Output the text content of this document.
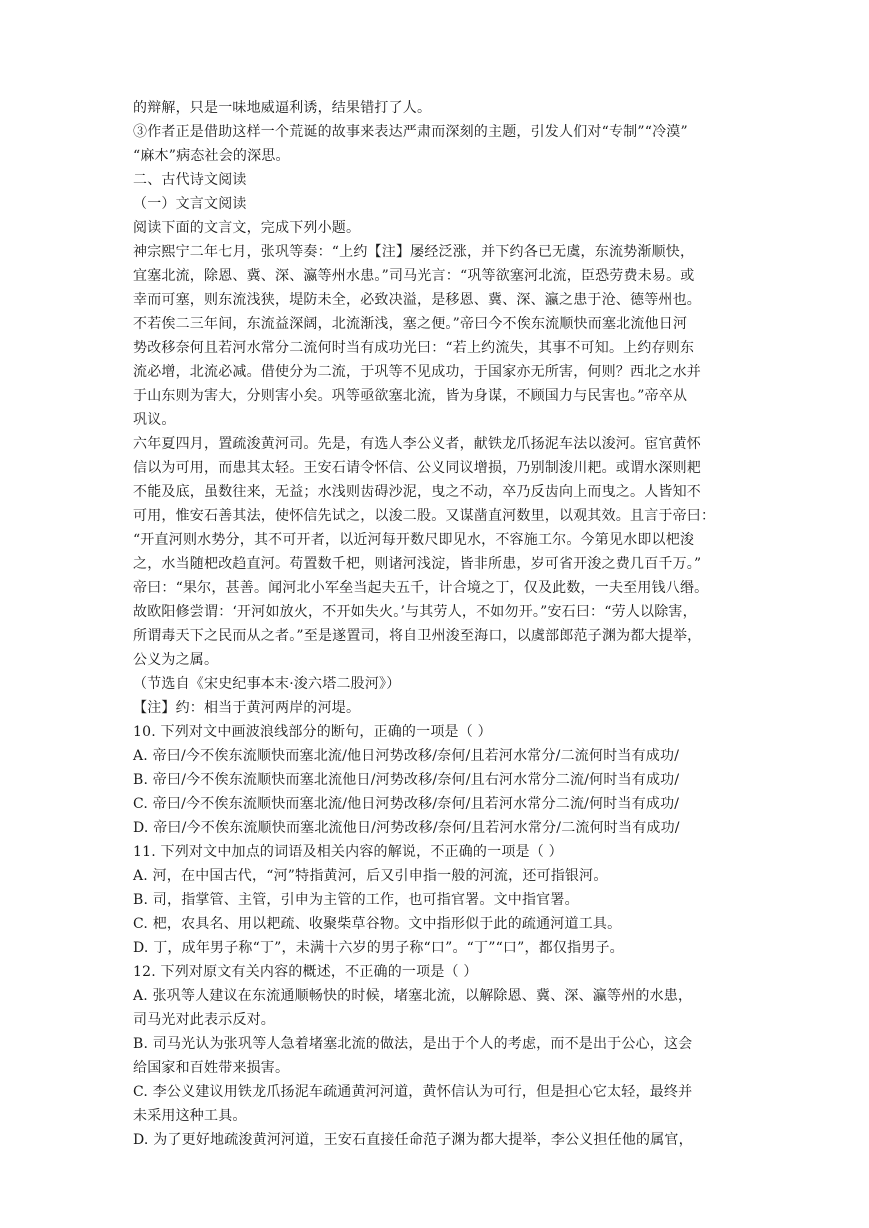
的辩解，只是一味地威逼利诱，结果错打了人。

③作者正是借助这样一个荒诞的故事来表达严肃而深刻的主题，引发人们对“专制”“冷漠”

“麻木”病态社会的深思。

二、古代诗文阅读

（一）文言文阅读

阅读下面的文言文，完成下列小题。

神宗熙宁二年七月，张巩等奏：“上约【注】屡经泛涨，并下约各已无虞，东流势渐顺快，

宜塞北流，除恩、冀、深、瀛等州水患。”司马光言：“巩等欲塞河北流，臣恐劳费未易。或

幸而可塞，则东流浅狭，堤防未全，必致决溢，是移恩、冀、深、瀛之患于沧、德等州也。

不若俟二三年间，东流益深阔，北流渐浅，塞之便。”帝曰今不俟东流顺快而塞北流他日河

势改移奈何且若河水常分二流何时当有成功光曰：“若上约流失，其事不可知。上约存则东

流必增，北流必减。借使分为二流，于巩等不见成功，于国家亦无所害，何则？西北之水并

于山东则为害大，分则害小矣。巩等亟欲塞北流，皆为身谋，不顾国力与民害也。”帝卒从

巩议。

六年夏四月，置疏浚黄河司。先是，有选人李公义者，献铁龙爪扬泥车法以浚河。宦官黄怀

信以为可用，而患其太轻。王安石请令怀信、公义同议增损，乃别制浚川耙。或谓水深则耙

不能及底，虽数往来，无益；水浅则齿碍沙泥，曳之不动，卒乃反齿向上而曳之。人皆知不

可用，惟安石善其法，使怀信先试之，以浚二股。又谋凿直河数里，以观其效。且言于帝曰：

“开直河则水势分，其不可开者，以近河每开数尺即见水，不容施工尔。今第见水即以杷浚

之，水当随杷改趋直河。苟置数千杷，则诸河浅淀，皆非所患，岁可省开浚之费几百千万。”

帝曰：“果尔，甚善。闻河北小军垒当起夫五千，计合境之丁，仅及此数，一夫至用钱八缗。

故欧阳修尝谓：‘开河如放火，不开如失火。’与其劳人，不如勿开。”安石曰：“劳人以除害，

所谓毒天下之民而从之者。”至是遂置司，将自卫州浚至海口，以虞部郎范子渊为都大提举，

公义为之属。

（节选自《宋史纪事本末·浚六塔二股河》）

【注】约：相当于黄河两岸的河堤。

10. 下列对文中画波浪线部分的断句，正确的一项是（ ）

A. 帝曰/今不俟东流顺快而塞北流/他日河势改移/奈何/且若河水常分/二流何时当有成功/

B. 帝曰/今不俟东流顺快而塞北流他日/河势改移/奈何/且右河水常分二流/何时当有成功/

C. 帝曰/今不俟东流顺快而塞北流/他日河势改移/奈何/且若河水常分二流/何时当有成功/

D. 帝曰/今不俟东流顺快而塞北流他日/河势改移/奈何/且若河水常分/二流何时当有成功/

11. 下列对文中加点的词语及相关内容的解说，不正确的一项是（ ）

A. 河，在中国古代，“河”特指黄河，后又引申指一般的河流，还可指银河。

B. 司，指掌管、主管，引申为主管的工作，也可指官署。文中指官署。

C. 杷，农具名、用以耙疏、收聚柴草谷物。文中指形似于此的疏通河道工具。

D. 丁，成年男子称“丁”，未满十六岁的男子称“口”。“丁”“口”，都仅指男子。

12. 下列对原文有关内容的概述，不正确的一项是（ ）

A. 张巩等人建议在东流通顺畅快的时候，堵塞北流，以解除恩、冀、深、瀛等州的水患，

司马光对此表示反对。

B. 司马光认为张巩等人急着堵塞北流的做法，是出于个人的考虑，而不是出于公心，这会

给国家和百姓带来损害。

C. 李公义建议用铁龙爪扬泥车疏通黄河河道，黄怀信认为可行，但是担心它太轻，最终并

未采用这种工具。

D. 为了更好地疏浚黄河河道，王安石直接任命范子渊为都大提举，李公义担任他的属官，
